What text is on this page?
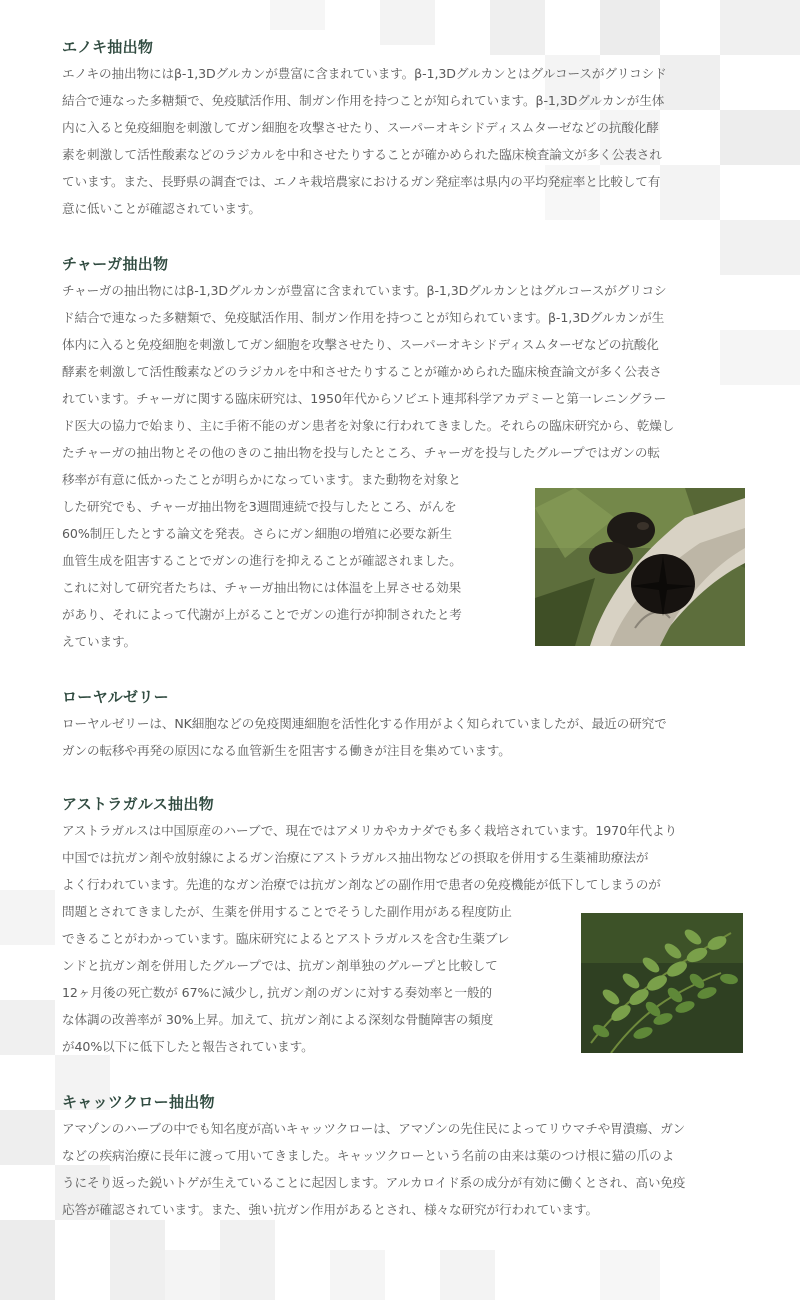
エノキ抽出物
エノキの抽出物にはβ-1,3Dグルカンが豊富に含まれています。β-1,3Dグルカンとはグルコースがグリコシド
結合で連なった多糖類で、免疫賦活作用、制ガン作用を持つことが知られています。β-1,3Dグルカンが生体
内に入ると免疫細胞を刺激してガン細胞を攻撃させたり、スーパーオキシドディスムターゼなどの抗酸化酵
素を刺激して活性酸素などのラジカルを中和させたりすることが確かめられた臨床検査論文が多く公表され
ています。また、長野県の調査では、エノキ栽培農家におけるガン発症率は県内の平均発症率と比較して有
意に低いことが確認されています。
チャーガ抽出物
チャーガの抽出物にはβ-1,3Dグルカンが豊富に含まれています。β-1,3Dグルカンとはグルコースがグリコシ
ド結合で連なった多糖類で、免疫賦活作用、制ガン作用を持つことが知られています。β-1,3Dグルカンが生
体内に入ると免疫細胞を刺激してガン細胞を攻撃させたり、スーパーオキシドディスムターゼなどの抗酸化
酵素を刺激して活性酸素などのラジカルを中和させたりすることが確かめられた臨床検査論文が多く公表さ
れています。チャーガに関する臨床研究は、1950年代からソビエト連邦科学アカデミーと第一レニングラー
ド医大の協力で始まり、主に手術不能のガン患者を対象に行われてきました。それらの臨床研究から、乾燥し
たチャーガの抽出物とその他のきのこ抽出物を投与したところ、チャーガを投与したグループではガンの転
移率が有意に低かったことが明らかになっています。また動物を対象と
した研究でも、チャーガ抽出物を3週間連続で投与したところ、がんを
60%制圧したとする論文を発表。さらにガン細胞の増殖に必要な新生
血管生成を阻害することでガンの進行を抑えることが確認されました。
これに対して研究者たちは、チャーガ抽出物には体温を上昇させる効果
があり、それによって代謝が上がることでガンの進行が抑制されたと考
えています。
ローヤルゼリー
ローヤルゼリーは、NK細胞などの免疫関連細胞を活性化する作用がよく知られていましたが、最近の研究で
ガンの転移や再発の原因になる血管新生を阻害する働きが注目を集めています。
アストラガルス抽出物
アストラガルスは中国原産のハーブで、現在ではアメリカやカナダでも多く栽培されています。1970年代より
中国では抗ガン剤や放射線によるガン治療にアストラガルス抽出物などの摂取を併用する生薬補助療法が
よく行われています。先進的なガン治療では抗ガン剤などの副作用で患者の免疫機能が低下してしまうのが
問題とされてきましたが、生薬を併用することでそうした副作用がある程度防止
できることがわかっています。臨床研究によるとアストラガルスを含む生薬ブレ
ンドと抗ガン剤を併用したグループでは、抗ガン剤単独のグループと比較して
12ヶ月後の死亡数が 67%に減少し, 抗ガン剤のガンに対する奏効率と一般的
な体調の改善率が 30%上昇。加えて、抗ガン剤による深刻な骨髄障害の頻度
が40%以下に低下したと報告されています。
キャッツクロー抽出物
アマゾンのハーブの中でも知名度が高いキャッツクローは、アマゾンの先住民によってリウマチや胃潰瘍、ガン
などの疾病治療に長年に渡って用いてきました。キャッツクローという名前の由来は葉のつけ根に猫の爪のよ
うにそり返った鋭いトゲが生えていることに起因します。アルカロイド系の成分が有効に働くとされ、高い免疫
応答が確認されています。また、強い抗ガン作用があるとされ、様々な研究が行われています。
